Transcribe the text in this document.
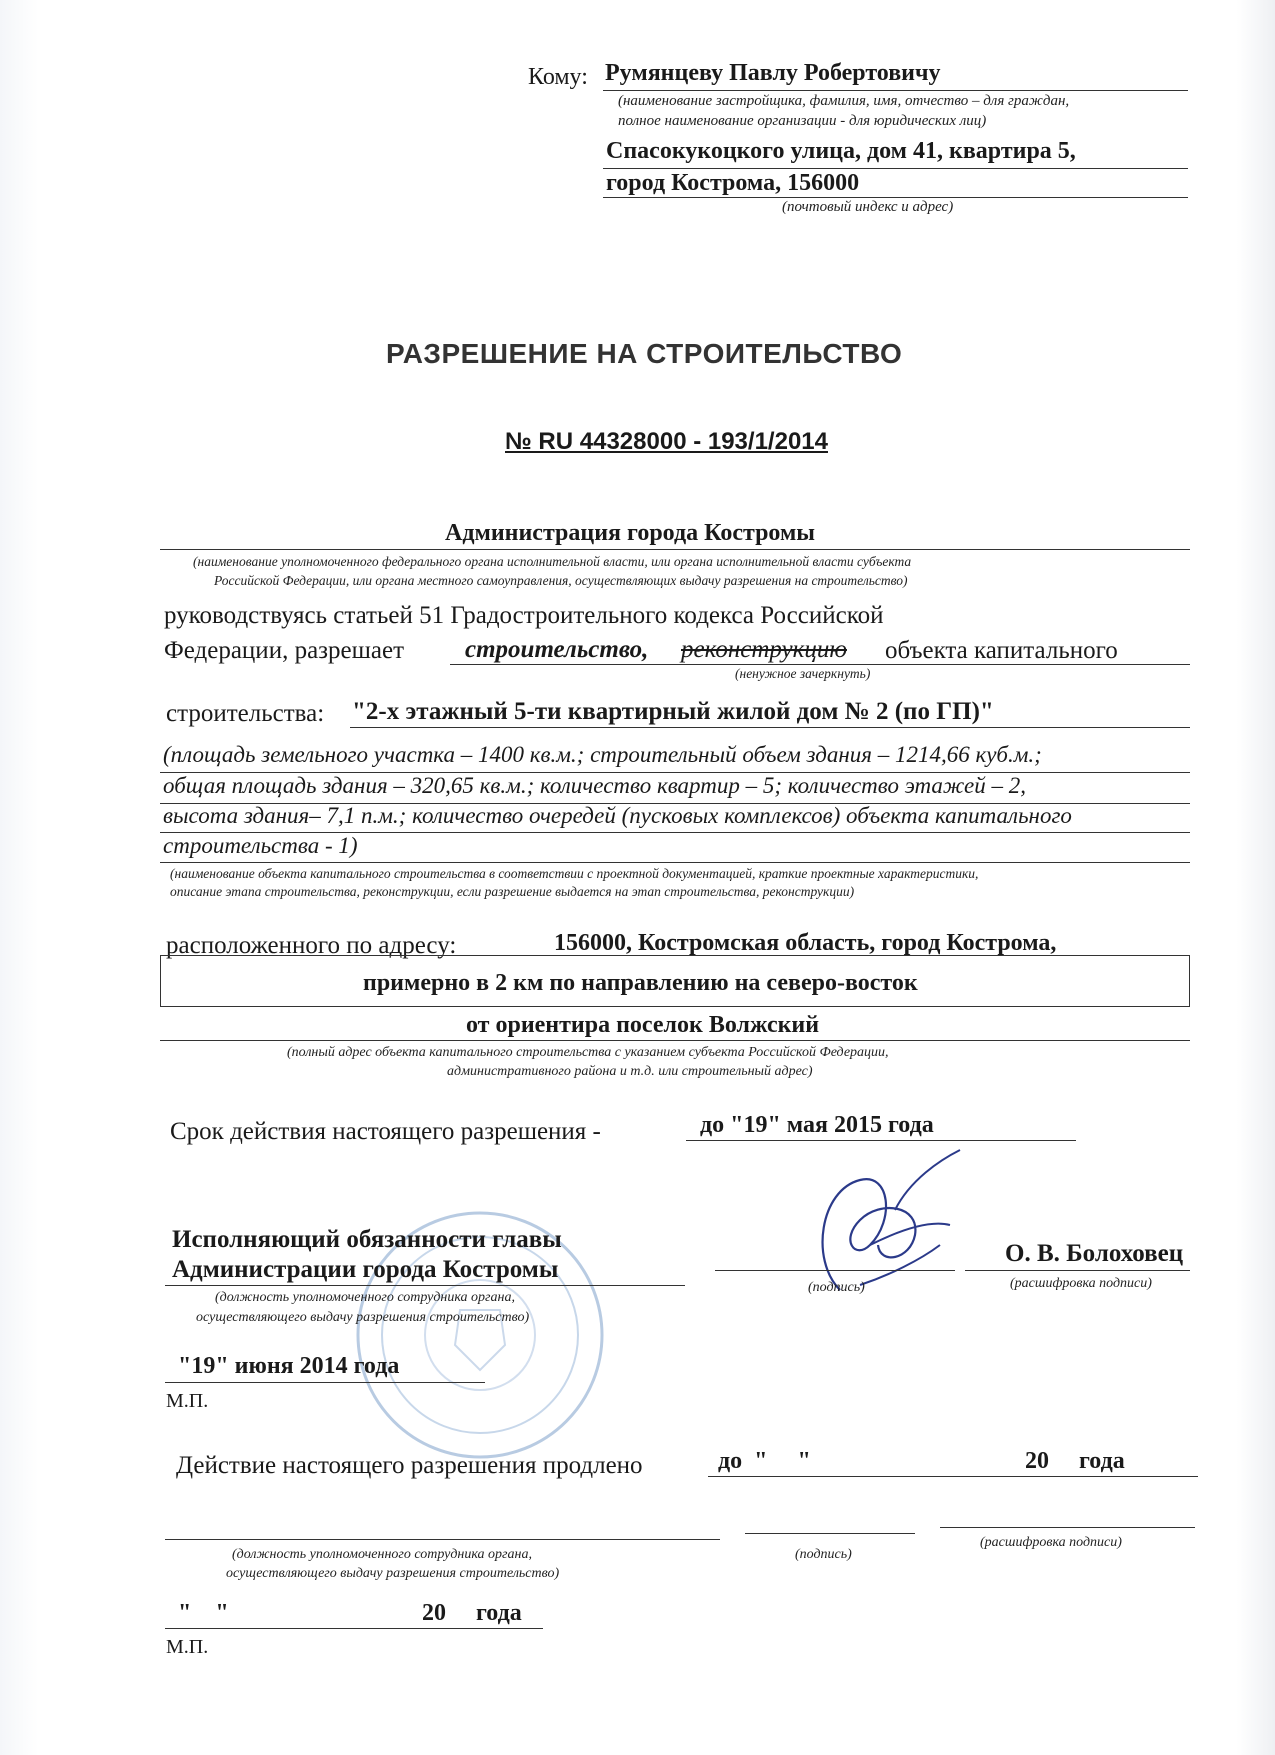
Кому: Румянцеву Павлу Робертовичу
(наименование застройщика, фамилия, имя, отчество – для граждан,
полное наименование организации - для юридических лиц)
Спасокукоцкого улица, дом 41, квартира 5,
город Кострома, 156000
(почтовый индекс и адрес)
РАЗРЕШЕНИЕ НА СТРОИТЕЛЬСТВО
№ RU 44328000 - 193/1/2014
Администрация города Костромы
(наименование уполномоченного федерального органа исполнительной власти, или органа исполнительной власти субъекта
Российской Федерации, или органа местного самоуправления, осуществляющих выдачу разрешения на строительство)
руководствуясь статьей 51 Градостроительного кодекса Российской
Федерации, разрешает строительство, реконструкцию объекта капитального
(ненужное зачеркнуть)
строительства: "2-х этажный 5-ти квартирный жилой дом № 2 (по ГП)"
(площадь земельного участка – 1400 кв.м.; строительный объем здания – 1214,66 куб.м.;
общая площадь здания – 320,65 кв.м.; количество квартир – 5; количество этажей – 2,
высота здания– 7,1 п.м.; количество очередей (пусковых комплексов) объекта капитального
строительства - 1)
(наименование объекта капитального строительства в соответствии с проектной документацией, краткие проектные характеристики,
описание этапа строительства, реконструкции, если разрешение выдается на этап строительства, реконструкции)
расположенного по адресу:	156000, Костромская область, город Кострома,
примерно в 2 км по направлению на северо-восток
от ориентира поселок Волжский
(полный адрес объекта капитального строительства с указанием субъекта Российской Федерации,
административного района и т.д. или строительный адрес)
Срок действия настоящего разрешения -	до "19" мая 2015 года
Исполняющий обязанности главы
Администрации города Костромы
(должность уполномоченного сотрудника органа,
осуществляющего выдачу разрешения строительство)
(подпись)
О. В. Болоховец
(расшифровка подписи)
"19" июня 2014 года
М.П.
Действие настоящего разрешения продлено	до  "     "	20     года
(должность уполномоченного сотрудника органа,
осуществляющего выдачу разрешения строительство)
(подпись)
(расшифровка подписи)
"    "	20     года
М.П.
